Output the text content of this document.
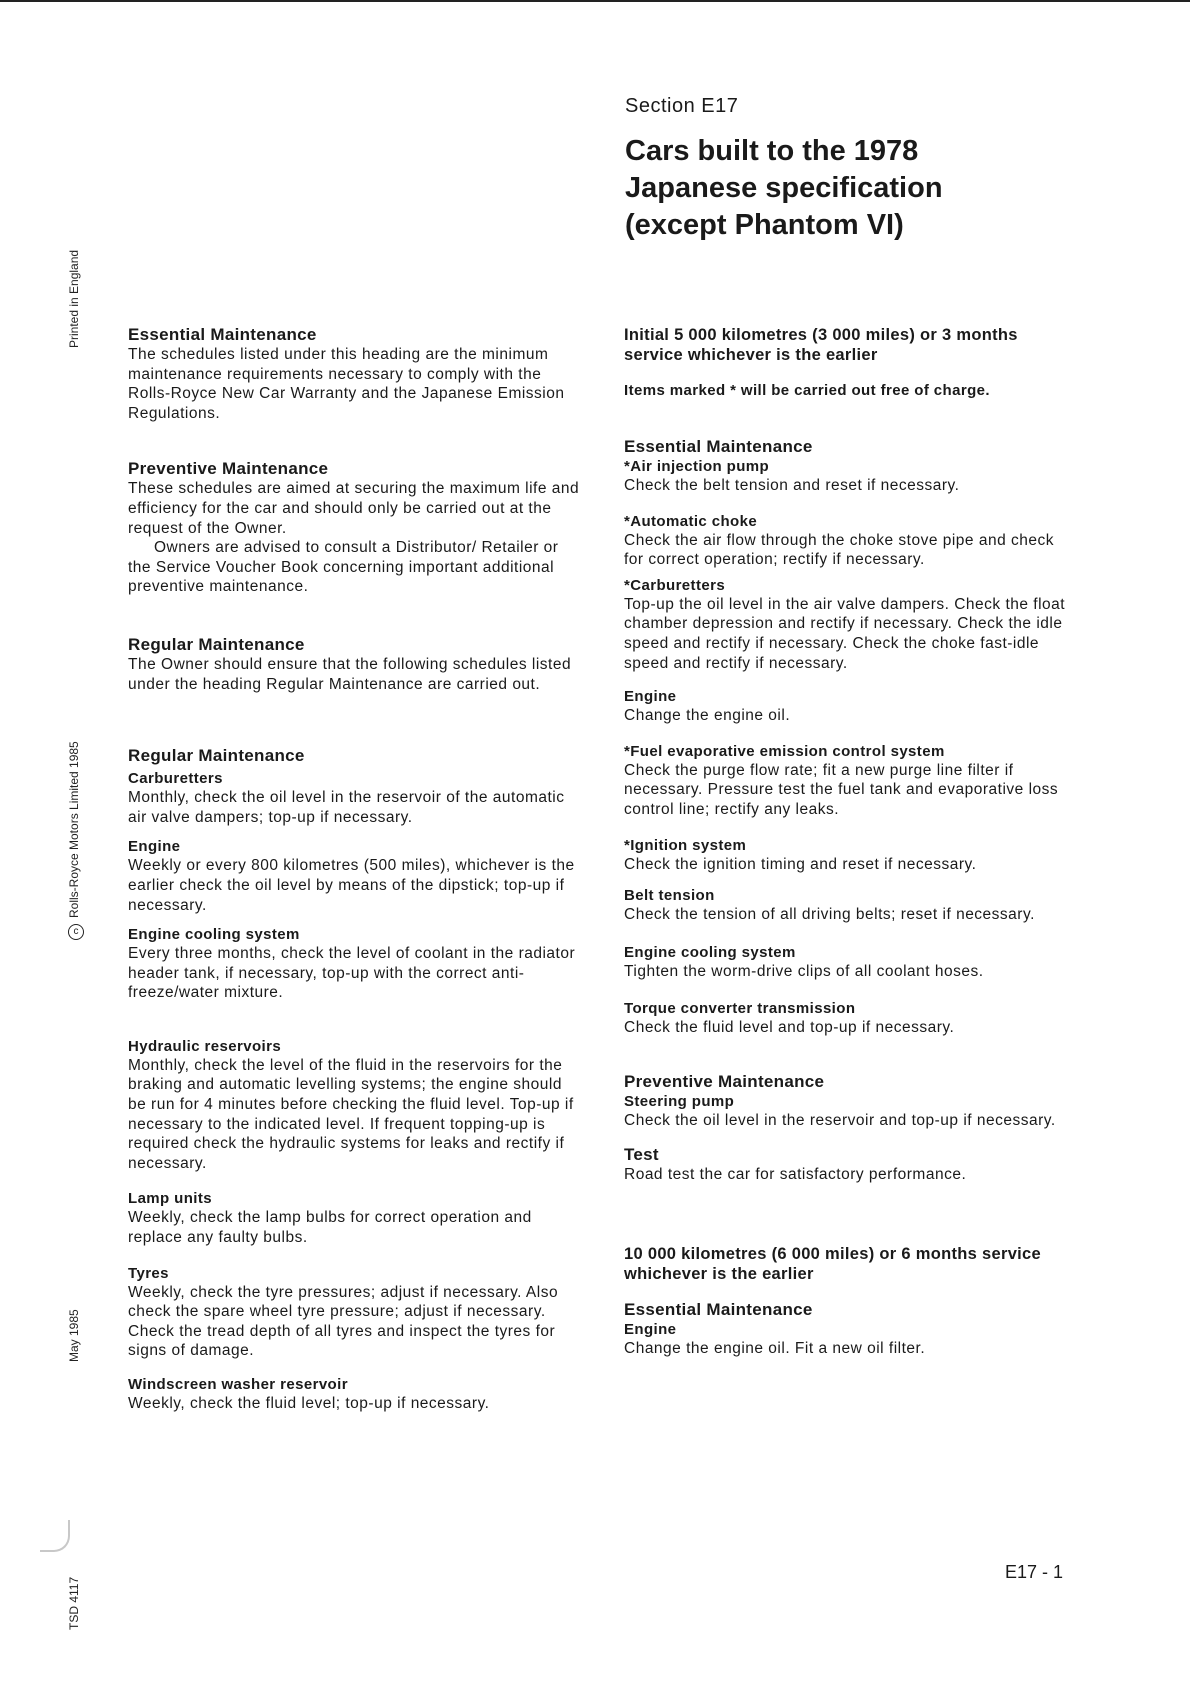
Printed in England
cRolls-Royce Motors Limited 1985
May 1985
TSD 4117
Section E17
Cars built to the 1978
Japanese specification
(except Phantom VI)
Essential Maintenance
The schedules listed under this heading are the minimum maintenance requirements necessary to comply with the Rolls-Royce New Car Warranty and the Japanese Emission Regulations.
Preventive Maintenance
These schedules are aimed at securing the maximum life and efficiency for the car and should only be carried out at the request of the Owner.
Owners are advised to consult a Distributor/ Retailer or the Service Voucher Book concerning important additional preventive maintenance.
Regular Maintenance
The Owner should ensure that the following schedules listed under the heading Regular Maintenance are carried out.
Regular Maintenance
Carburetters
Monthly, check the oil level in the reservoir of the automatic air valve dampers; top-up if necessary.
Engine
Weekly or every 800 kilometres (500 miles), whichever is the earlier check the oil level by means of the dipstick; top-up if necessary.
Engine cooling system
Every three months, check the level of coolant in the radiator header tank, if necessary, top-up with the correct anti-freeze/water mixture.
Hydraulic reservoirs
Monthly, check the level of the fluid in the reservoirs for the braking and automatic levelling systems; the engine should be run for 4 minutes before checking the fluid level. Top-up if necessary to the indicated level. If frequent topping-up is required check the hydraulic systems for leaks and rectify if necessary.
Lamp units
Weekly, check the lamp bulbs for correct operation and replace any faulty bulbs.
Tyres
Weekly, check the tyre pressures; adjust if necessary. Also check the spare wheel tyre pressure; adjust if necessary. Check the tread depth of all tyres and inspect the tyres for signs of damage.
Windscreen washer reservoir
Weekly, check the fluid level; top-up if necessary.
Initial 5 000 kilometres (3 000 miles) or 3 months service whichever is the earlier
Items marked * will be carried out free of charge.
Essential Maintenance
*Air injection pump
Check the belt tension and reset if necessary.
*Automatic choke
Check the air flow through the choke stove pipe and check for correct operation; rectify if necessary.
*Carburetters
Top-up the oil level in the air valve dampers. Check the float chamber depression and rectify if necessary. Check the idle speed and rectify if necessary. Check the choke fast-idle speed and rectify if necessary.
Engine
Change the engine oil.
*Fuel evaporative emission control system
Check the purge flow rate; fit a new purge line filter if necessary. Pressure test the fuel tank and evaporative loss control line; rectify any leaks.
*Ignition system
Check the ignition timing and reset if necessary.
Belt tension
Check the tension of all driving belts; reset if necessary.
Engine cooling system
Tighten the worm-drive clips of all coolant hoses.
Torque converter transmission
Check the fluid level and top-up if necessary.
Preventive Maintenance
Steering pump
Check the oil level in the reservoir and top-up if necessary.
Test
Road test the car for satisfactory performance.
10 000 kilometres (6 000 miles) or 6 months service whichever is the earlier
Essential Maintenance
Engine
Change the engine oil. Fit a new oil filter.
E17 - 1
